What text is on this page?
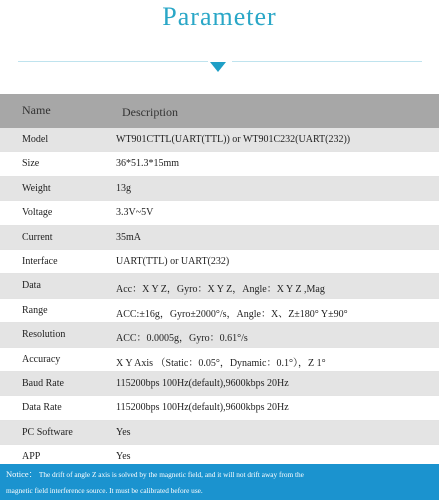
Parameter
Name	Description
Model	WT901CTTL(UART(TTL)) or WT901C232(UART(232))
Size	36*51.3*15mm
Weight	13g
Voltage	3.3V~5V
Current	35mA
Interface	UART(TTL) or UART(232)
Data	Acc：X Y Z，Gyro：X Y Z，Angle：X Y Z ,Mag
Range	ACC:±16g，Gyro±2000°/s，Angle：X、Z±180° Y±90°
Resolution	ACC：0.0005g，Gyro：0.61°/s
Accuracy	X Y Axis （Static：0.05°，Dynamic：0.1°），Z 1°
Baud Rate	115200bps 100Hz(default),9600kbps 20Hz
Data Rate	115200bps 100Hz(default),9600kbps 20Hz
PC Software	Yes
APP	Yes
Notice： The drift of angle Z axis is solved by the magnetic field, and it will not drift away from the
magnetic field interference source. It must be calibrated before use.
